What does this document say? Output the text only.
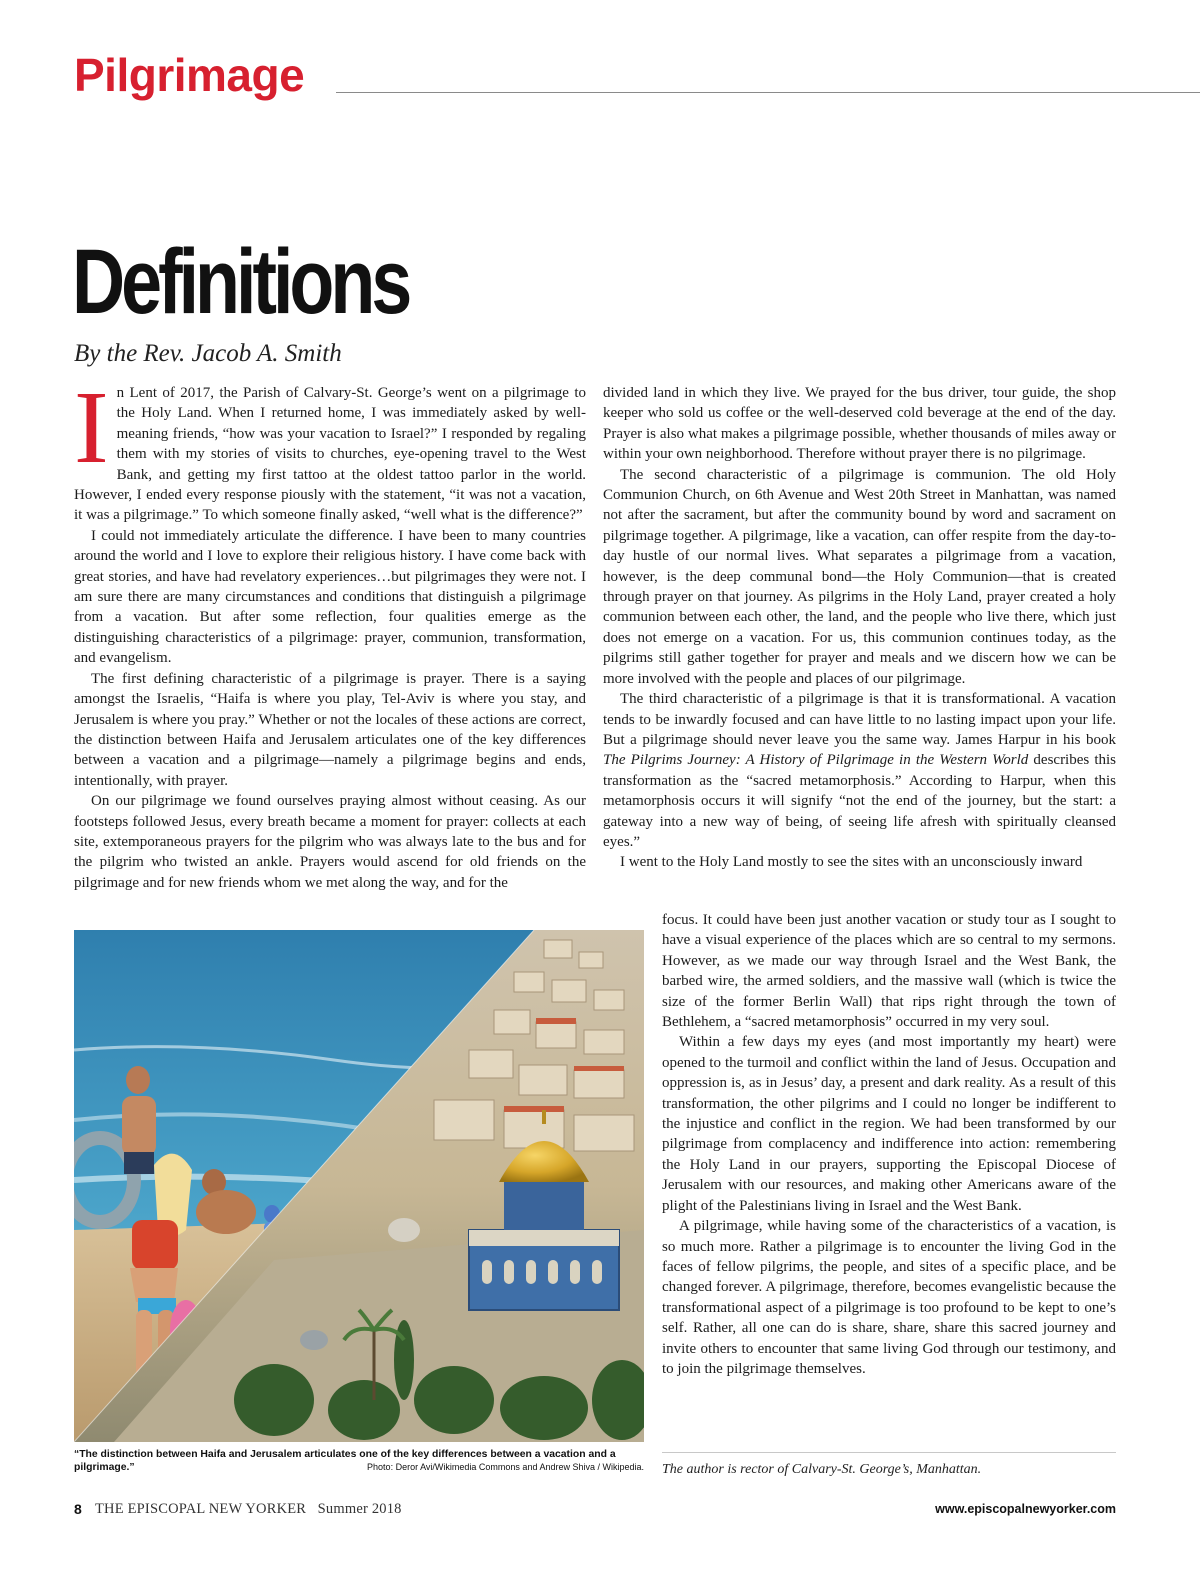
Pilgrimage
Definitions

By the Rev. Jacob A. Smith

In Lent of 2017, the Parish of Calvary-St. George’s went on a pilgrimage to the Holy Land. When I returned home, I was immediately asked by well-meaning friends, “how was your vacation to Israel?” I responded by regaling them with my stories of visits to churches, eye-opening travel to the West Bank, and getting my first tattoo at the oldest tattoo parlor in the world. However, I ended every response piously with the statement, “it was not a vacation, it was a pilgrimage.” To which someone finally asked, “well what is the difference?”

I could not immediately articulate the difference. I have been to many countries around the world and I love to explore their religious history. I have come back with great stories, and have had revelatory experiences…but pilgrimages they were not. I am sure there are many circumstances and conditions that distinguish a pilgrimage from a vacation. But after some reflection, four qualities emerge as the distinguishing characteristics of a pilgrimage: prayer, communion, transformation, and evangelism.

The first defining characteristic of a pilgrimage is prayer. There is a saying amongst the Israelis, “Haifa is where you play, Tel-Aviv is where you stay, and Jerusalem is where you pray.” Whether or not the locales of these actions are correct, the distinction between Haifa and Jerusalem articulates one of the key differences between a vacation and a pilgrimage—namely a pilgrimage begins and ends, intentionally, with prayer.

On our pilgrimage we found ourselves praying almost without ceasing. As our footsteps followed Jesus, every breath became a moment for prayer: collects at each site, extemporaneous prayers for the pilgrim who was always late to the bus and for the pilgrim who twisted an ankle. Prayers would ascend for old friends on the pilgrimage and for new friends whom we met along the way, and for the

divided land in which they live. We prayed for the bus driver, tour guide, the shop keeper who sold us coffee or the well-deserved cold beverage at the end of the day. Prayer is also what makes a pilgrimage possible, whether thousands of miles away or within your own neighborhood. Therefore without prayer there is no pilgrimage.

The second characteristic of a pilgrimage is communion. The old Holy Communion Church, on 6th Avenue and West 20th Street in Manhattan, was named not after the sacrament, but after the community bound by word and sacrament on pilgrimage together. A pilgrimage, like a vacation, can offer respite from the day-to-day hustle of our normal lives. What separates a pilgrimage from a vacation, however, is the deep communal bond—the Holy Communion—that is created through prayer on that journey. As pilgrims in the Holy Land, prayer created a holy communion between each other, the land, and the people who live there, which just does not emerge on a vacation. For us, this communion continues today, as the pilgrims still gather together for prayer and meals and we discern how we can be more involved with the people and places of our pilgrimage.

The third characteristic of a pilgrimage is that it is transformational. A vacation tends to be inwardly focused and can have little to no lasting impact upon your life. But a pilgrimage should never leave you the same way. James Harpur in his book The Pilgrims Journey: A History of Pilgrimage in the Western World describes this transformation as the “sacred metamorphosis.” According to Harpur, when this metamorphosis occurs it will signify “not the end of the journey, but the start: a gateway into a new way of being, of seeing life afresh with spiritually cleansed eyes.”

I went to the Holy Land mostly to see the sites with an unconsciously inward

focus. It could have been just another vacation or study tour as I sought to have a visual experience of the places which are so central to my sermons. However, as we made our way through Israel and the West Bank, the barbed wire, the armed soldiers, and the massive wall (which is twice the size of the former Berlin Wall) that rips right through the town of Bethlehem, a “sacred metamorphosis” occurred in my very soul.

Within a few days my eyes (and most importantly my heart) were opened to the turmoil and conflict within the land of Jesus. Occupation and oppression is, as in Jesus’ day, a present and dark reality. As a result of this transformation, the other pilgrims and I could no longer be indifferent to the injustice and conflict in the region. We had been transformed by our pilgrimage from complacency and indifference into action: remembering the Holy Land in our prayers, supporting the Episcopal Diocese of Jerusalem with our resources, and making other Americans aware of the plight of the Palestinians living in Israel and the West Bank.

A pilgrimage, while having some of the characteristics of a vacation, is so much more. Rather a pilgrimage is to encounter the living God in the faces of fellow pilgrims, the people, and sites of a specific place, and be changed forever. A pilgrimage, therefore, becomes evangelistic because the transformational aspect of a pilgrimage is too profound to be kept to one’s self. Rather, all one can do is share, share, share this sacred journey and invite others to encounter that same living God through our testimony, and to join the pilgrimage themselves.

“The distinction between Haifa and Jerusalem articulates one of the key differences between a vacation and a pilgrimage.”	Photo: Deror Avi/Wikimedia Commons and Andrew Shiva / Wikipedia. The author is rector of Calvary-St. George’s, Manhattan.

8 THE EPISCOPAL NEW YORKER Summer 2018	www.episcopalnewyorker.com
